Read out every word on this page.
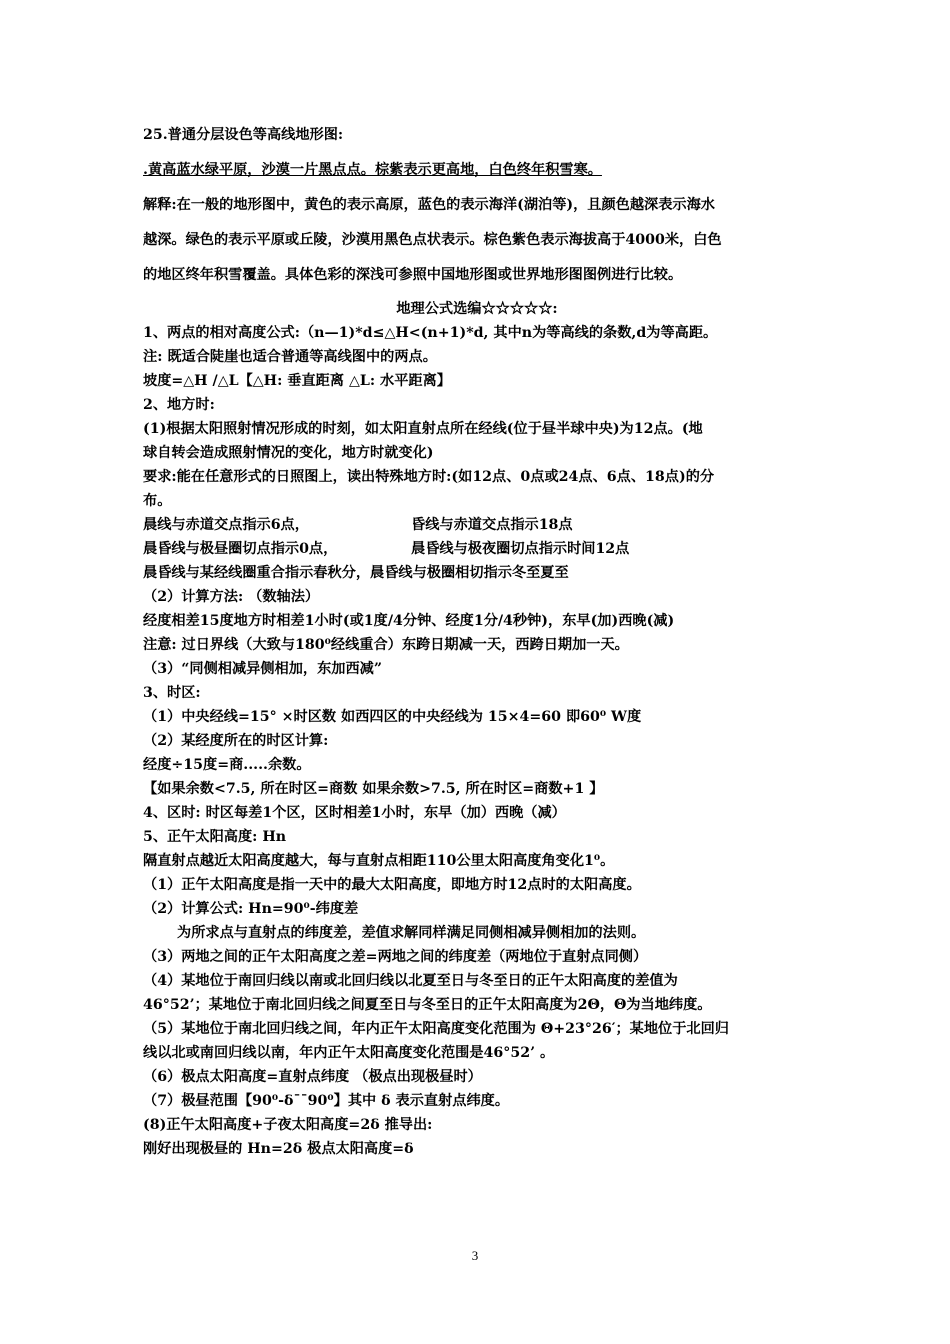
25.普通分层设色等高线地形图:
.黄高蓝水绿平原，沙漠一片黑点点。棕紫表示更高地，白色终年积雪寒。
解释:在一般的地形图中，黄色的表示高原，蓝色的表示海洋(湖泊等)，且颜色越深表示海水
越深。绿色的表示平原或丘陵，沙漠用黑色点状表示。棕色紫色表示海拔高于4000米，白色
的地区终年积雪覆盖。具体色彩的深浅可参照中国地形图或世界地形图图例进行比较。
地理公式选编☆☆☆☆☆:
1、两点的相对高度公式:（n—1)*d≤△H<(n+1)*d, 其中n为等高线的条数,d为等高距。
注: 既适合陡崖也适合普通等高线图中的两点。
坡度=△H /△L【△H: 垂直距离 △L: 水平距离】
2、地方时:
(1)根据太阳照射情况形成的时刻，如太阳直射点所在经线(位于昼半球中央)为12点。(地
球自转会造成照射情况的变化，地方时就变化)
要求:能在任意形式的日照图上，读出特殊地方时:(如12点、0点或24点、6点、18点)的分
布。
晨线与赤道交点指示6点，	昏线与赤道交点指示18点
晨昏线与极昼圈切点指示0点，	晨昏线与极夜圈切点指示时间12点
晨昏线与某经线圈重合指示春秋分，晨昏线与极圈相切指示冬至夏至
（2）计算方法: （数轴法）
经度相差15度地方时相差1小时(或1度/4分钟、经度1分/4秒钟)，东早(加)西晚(减)
注意: 过日界线（大致与180⁰经线重合）东跨日期减一天，西跨日期加一天。
（3）“同侧相减异侧相加，东加西减”
3、时区:
（1）中央经线=15° ×时区数 如西四区的中央经线为 15×4=60 即60⁰ W度
（2）某经度所在的时区计算:
经度÷15度=商.....余数。
【如果余数<7.5, 所在时区=商数 如果余数>7.5, 所在时区=商数+1 】
4、区时: 时区每差1个区，区时相差1小时，东早（加）西晚（减）
5、正午太阳高度: Hn
隔直射点越近太阳高度越大，每与直射点相距110公里太阳高度角变化1⁰。
（1）正午太阳高度是指一天中的最大太阳高度，即地方时12点时的太阳高度。
（2）计算公式: Hn=90⁰-纬度差
为所求点与直射点的纬度差，差值求解同样满足同侧相减异侧相加的法则。
（3）两地之间的正午太阳高度之差=两地之间的纬度差（两地位于直射点同侧）
（4）某地位于南回归线以南或北回归线以北夏至日与冬至日的正午太阳高度的差值为
46°52’；某地位于南北回归线之间夏至日与冬至日的正午太阳高度为2Θ，Θ为当地纬度。
（5）某地位于南北回归线之间，年内正午太阳高度变化范围为 Θ+23°26′；某地位于北回归
线以北或南回归线以南，年内正午太阳高度变化范围是46°52’ 。
（6）极点太阳高度=直射点纬度 （极点出现极昼时）
（7）极昼范围【90⁰-δ¯¯90⁰】其中 δ 表示直射点纬度。
(8)正午太阳高度+子夜太阳高度=2δ 推导出:
刚好出现极昼的 Hn=2δ 极点太阳高度=δ
3
